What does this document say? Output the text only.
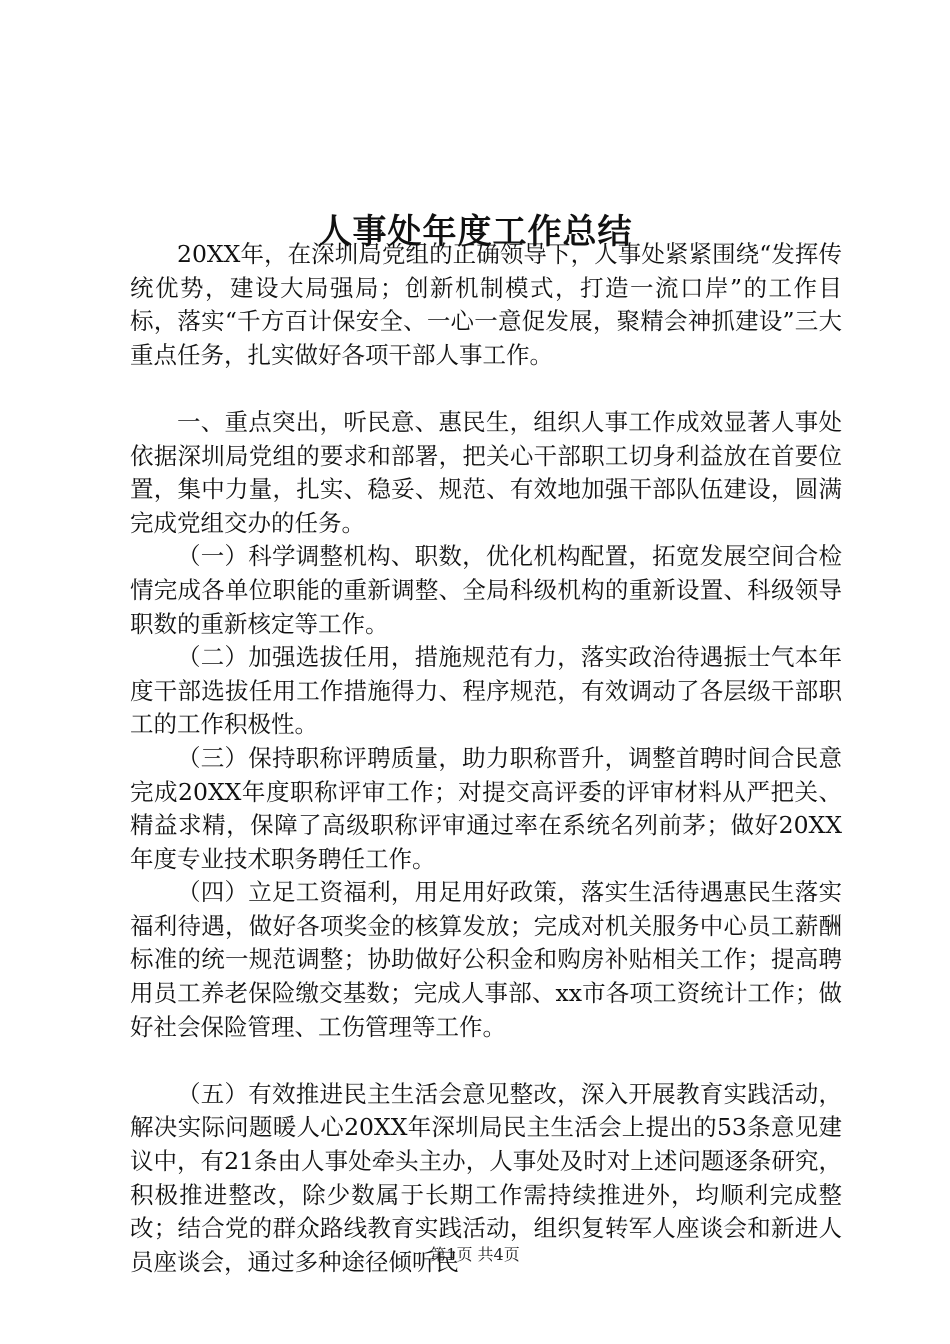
人事处年度工作总结

20XX年，在深圳局党组的正确领导下，人事处紧紧围绕“发挥传统优势，建设大局强局；创新机制模式，打造一流口岸”的工作目标，落实“千方百计保安全、一心一意促发展，聚精会神抓建设”三大重点任务，扎实做好各项干部人事工作。

一、重点突出，听民意、惠民生，组织人事工作成效显著人事处依据深圳局党组的要求和部署，把关心干部职工切身利益放在首要位置，集中力量，扎实、稳妥、规范、有效地加强干部队伍建设，圆满完成党组交办的任务。

（一）科学调整机构、职数，优化机构配置，拓宽发展空间合检情完成各单位职能的重新调整、全局科级机构的重新设置、科级领导职数的重新核定等工作。

（二）加强选拔任用，措施规范有力，落实政治待遇振士气本年度干部选拔任用工作措施得力、程序规范，有效调动了各层级干部职工的工作积极性。

（三）保持职称评聘质量，助力职称晋升，调整首聘时间合民意完成20XX年度职称评审工作；对提交高评委的评审材料从严把关、精益求精，保障了高级职称评审通过率在系统名列前茅；做好20XX年度专业技术职务聘任工作。

（四）立足工资福利，用足用好政策，落实生活待遇惠民生落实福利待遇，做好各项奖金的核算发放；完成对机关服务中心员工薪酬标准的统一规范调整；协助做好公积金和购房补贴相关工作；提高聘用员工养老保险缴交基数；完成人事部、xx市各项工资统计工作；做好社会保险管理、工伤管理等工作。

（五）有效推进民主生活会意见整改，深入开展教育实践活动，解决实际问题暖人心20XX年深圳局民主生活会上提出的53条意见建议中，有21条由人事处牵头主办，人事处及时对上述问题逐条研究，积极推进整改，除少数属于长期工作需持续推进外，均顺利完成整改；结合党的群众路线教育实践活动，组织复转军人座谈会和新进人员座谈会，通过多种途径倾听民

第1页 共4页
